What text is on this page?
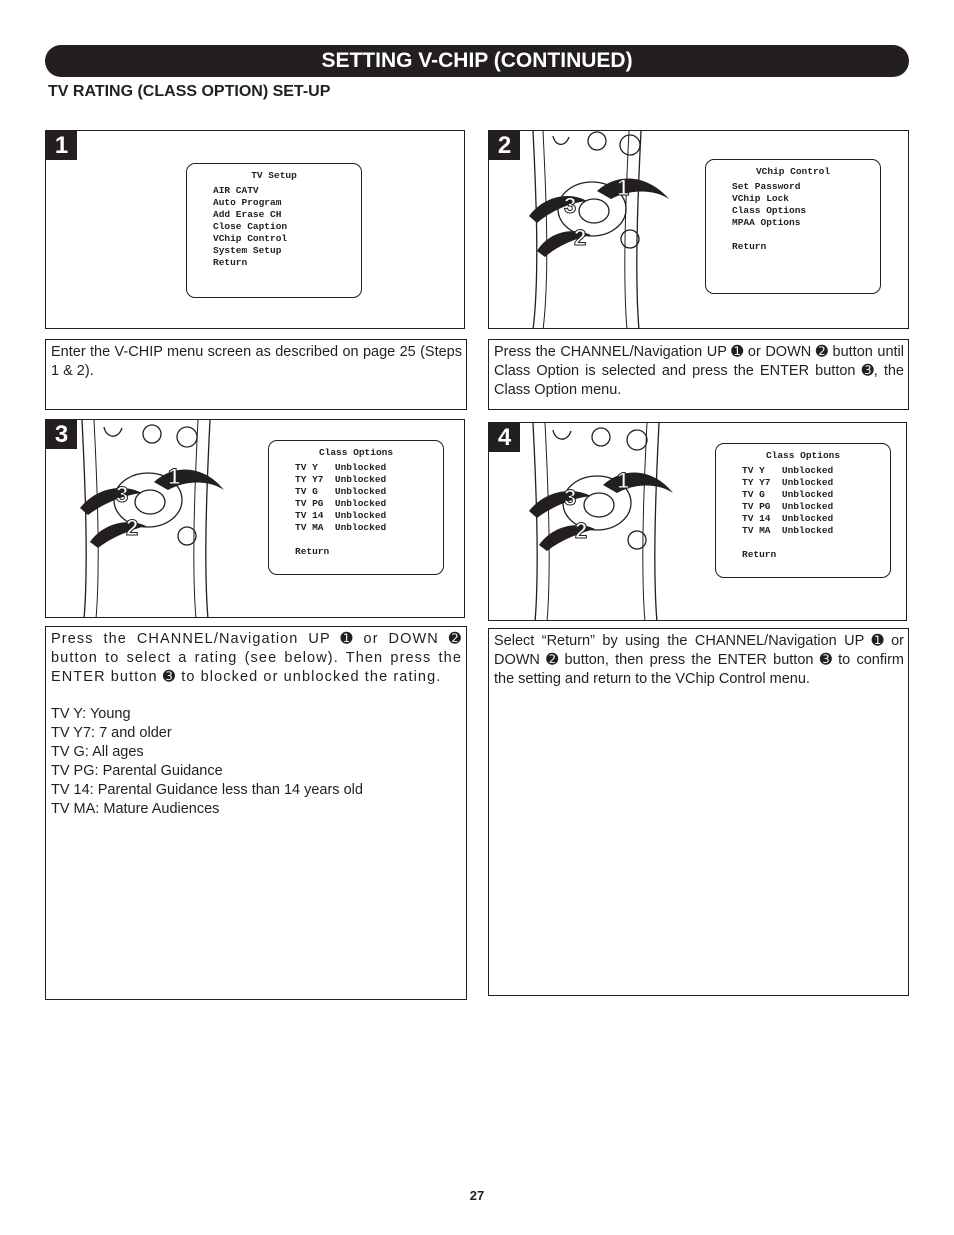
SETTING V-CHIP (CONTINUED)
TV RATING (CLASS OPTION) SET-UP
1
TV Setup
AIR CATV
Auto Program
Add Erase CH
Close Caption
VChip Control
System Setup
Return

Enter the V-CHIP menu screen as described on page 25 (Steps 1 & 2).

2
1
3
2
VChip Control
Set Password
VChip Lock
Class Options
MPAA Options
Return

Press the CHANNEL/Navigation UP ➊ or DOWN ➋ button until Class Option is selected and press the ENTER button ➌, the Class Option menu.

3
1
3
2
Class Options
TV Y   Unblocked
TY Y7  Unblocked
TV G   Unblocked
TV PG  Unblocked
TV 14  Unblocked
TV MA  Unblocked
Return

Press the CHANNEL/Navigation UP ➊ or DOWN ➋ button to select a rating (see below). Then press the ENTER button ➌ to blocked or unblocked the rating.

TV Y: Young
TV Y7: 7 and older
TV G: All ages
TV PG: Parental Guidance
TV 14: Parental Guidance less than 14 years old
TV MA: Mature Audiences
4
1
3
2
Class Options
TV Y   Unblocked
TY Y7  Unblocked
TV G   Unblocked
TV PG  Unblocked
TV 14  Unblocked
TV MA  Unblocked
Return

Select “Return” by using the CHANNEL/Navigation UP ➊ or DOWN ➋ button, then press the ENTER button ➌ to confirm the setting and return to the VChip Control menu.

27
